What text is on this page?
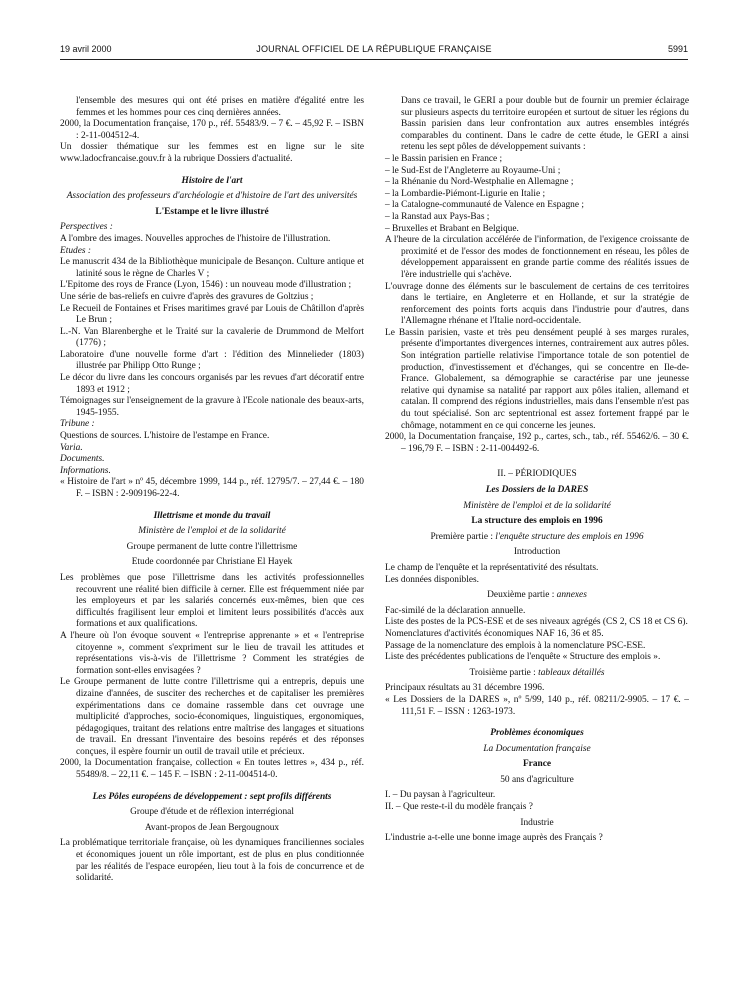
19 avril 2000	JOURNAL OFFICIEL DE LA RÉPUBLIQUE FRANÇAISE	5991

l'ensemble des mesures qui ont été prises en matière d'égalité entre les femmes et les hommes pour ces cinq dernières années.

2000, la Documentation française, 170 p., réf. 55483/9. – 7 €. – 45,92 F. – ISBN : 2-11-004512-4.

Un dossier thématique sur les femmes est en ligne sur le site www.ladocfrancaise.gouv.fr à la rubrique Dossiers d'actualité.

Histoire de l'art
Association des professeurs d'archéologie et d'histoire de l'art des universités
L'Estampe et le livre illustré

Perspectives :

A l'ombre des images. Nouvelles approches de l'histoire de l'illustration.

Etudes :

Le manuscrit 434 de la Bibliothèque municipale de Besançon. Culture antique et latinité sous le règne de Charles V ;

L'Epitome des roys de France (Lyon, 1546) : un nouveau mode d'illustration ;

Une série de bas-reliefs en cuivre d'après des gravures de Goltzius ;

Le Recueil de Fontaines et Frises maritimes gravé par Louis de Châtillon d'après Le Brun ;

L.-N. Van Blarenberghe et le Traité sur la cavalerie de Drummond de Melfort (1776) ;

Laboratoire d'une nouvelle forme d'art : l'édition des Minnelieder (1803) illustrée par Philipp Otto Runge ;

Le décor du livre dans les concours organisés par les revues d'art décoratif entre 1893 et 1912 ;

Témoignages sur l'enseignement de la gravure à l'Ecole nationale des beaux-arts, 1945-1955.

Tribune :

Questions de sources. L'histoire de l'estampe en France.

Varia.

Documents.

Informations.

« Histoire de l'art » nº 45, décembre 1999, 144 p., réf. 12795/7. – 27,44 €. – 180 F. – ISBN : 2-909196-22-4.

Illettrisme et monde du travail
Ministère de l'emploi et de la solidarité
Groupe permanent de lutte contre l'illettrisme
Etude coordonnée par Christiane El Hayek

Les problèmes que pose l'illettrisme dans les activités professionnelles recouvrent une réalité bien difficile à cerner. Elle est fréquemment niée par les employeurs et par les salariés concernés eux-mêmes, bien que ces difficultés fragilisent leur emploi et limitent leurs possibilités d'accès aux formations et aux qualifications.

A l'heure où l'on évoque souvent « l'entreprise apprenante » et « l'entreprise citoyenne », comment s'expriment sur le lieu de travail les attitudes et représentations vis-à-vis de l'illettrisme ? Comment les stratégies de formation sont-elles envisagées ?

Le Groupe permanent de lutte contre l'illettrisme qui a entrepris, depuis une dizaine d'années, de susciter des recherches et de capitaliser les premières expérimentations dans ce domaine rassemble dans cet ouvrage une multiplicité d'approches, socio-économiques, linguistiques, ergonomiques, pédagogiques, traitant des relations entre maîtrise des langages et situations de travail. En dressant l'inventaire des besoins repérés et des réponses conçues, il espère fournir un outil de travail utile et précieux.

2000, la Documentation française, collection « En toutes lettres », 434 p., réf. 55489/8. – 22,11 €. – 145 F. – ISBN : 2-11-004514-0.

Les Pôles européens de développement : sept profils différents
Groupe d'étude et de réflexion interrégional
Avant-propos de Jean Bergougnoux

La problématique territoriale française, où les dynamiques franciliennes sociales et économiques jouent un rôle important, est de plus en plus conditionnée par les réalités de l'espace européen, lieu tout à la fois de concurrence et de solidarité.

Dans ce travail, le GERI a pour double but de fournir un premier éclairage sur plusieurs aspects du territoire européen et surtout de situer les régions du Bassin parisien dans leur confrontation aux autres ensembles intégrés comparables du continent. Dans le cadre de cette étude, le GERI a ainsi retenu les sept pôles de développement suivants :

– le Bassin parisien en France ;

– le Sud-Est de l'Angleterre au Royaume-Uni ;

– la Rhénanie du Nord-Westphalie en Allemagne ;

– la Lombardie-Piémont-Ligurie en Italie ;

– la Catalogne-communauté de Valence en Espagne ;

– la Ranstad aux Pays-Bas ;

– Bruxelles et Brabant en Belgique.

A l'heure de la circulation accélérée de l'information, de l'exigence croissante de proximité et de l'essor des modes de fonctionnement en réseau, les pôles de développement apparaissent en grande partie comme des réalités issues de l'ère industrielle qui s'achève.

L'ouvrage donne des éléments sur le basculement de certains de ces territoires dans le tertiaire, en Angleterre et en Hollande, et sur la stratégie de renforcement des points forts acquis dans l'industrie pour d'autres, dans l'Allemagne rhénane et l'Italie nord-occidentale.

Le Bassin parisien, vaste et très peu densément peuplé à ses marges rurales, présente d'importantes divergences internes, contrairement aux autres pôles. Son intégration partielle relativise l'importance totale de son potentiel de production, d'investissement et d'échanges, qui se concentre en Ile-de-France. Globalement, sa démographie se caractérise par une jeunesse relative qui dynamise sa natalité par rapport aux pôles italien, allemand et catalan. Il comprend des régions industrielles, mais dans l'ensemble n'est pas du tout spécialisé. Son arc septentrional est assez fortement frappé par le chômage, notamment en ce qui concerne les jeunes.

2000, la Documentation française, 192 p., cartes, sch., tab., réf. 55462/6. – 30 €. – 196,79 F. – ISBN : 2-11-004492-6.

II. – PÉRIODIQUES
Les Dossiers de la DARES
Ministère de l'emploi et de la solidarité
La structure des emplois en 1996
Première partie : l'enquête structure des emplois en 1996
Introduction

Le champ de l'enquête et la représentativité des résultats.

Les données disponibles.

Deuxième partie : annexes

Fac-similé de la déclaration annuelle.

Liste des postes de la PCS-ESE et de ses niveaux agrégés (CS 2, CS 18 et CS 6).

Nomenclatures d'activités économiques NAF 16, 36 et 85.

Passage de la nomenclature des emplois à la nomenclature PSC-ESE.

Liste des précédentes publications de l'enquête « Structure des emplois ».

Troisième partie : tableaux détaillés

Principaux résultats au 31 décembre 1996.

« Les Dossiers de la DARES », nº 5/99, 140 p., réf. 08211/2-9905. – 17 €. – 111,51 F. – ISSN : 1263-1973.

Problèmes économiques
La Documentation française
France
50 ans d'agriculture

I. – Du paysan à l'agriculteur.

II. – Que reste-t-il du modèle français ?

Industrie

L'industrie a-t-elle une bonne image auprès des Français ?
